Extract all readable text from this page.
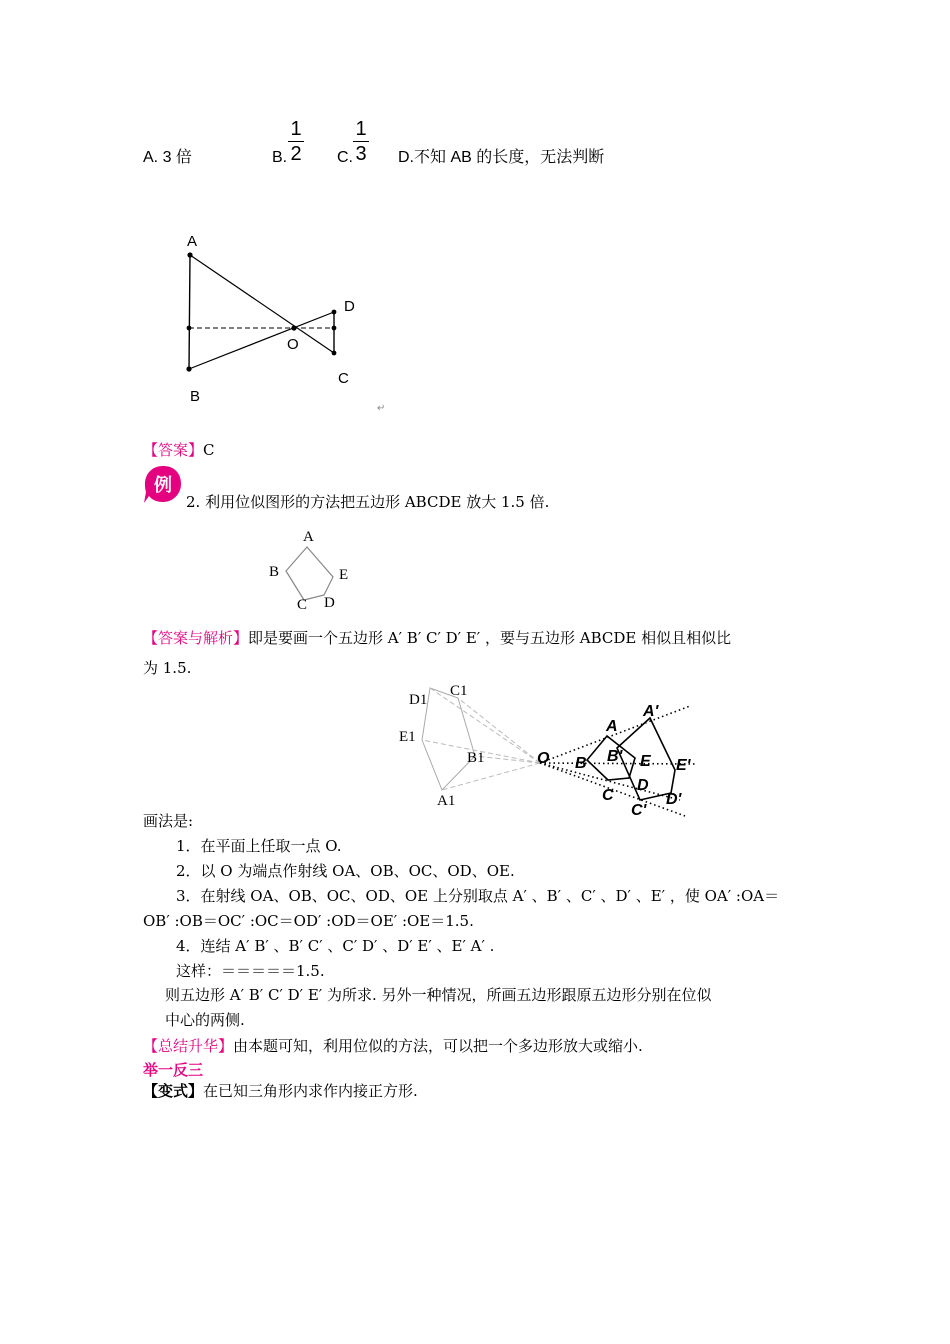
A. 3 倍	B.
1
2 C.
1
3 D.不知 AB 的长度，无法判断
A
B
C
D
O
↵
【答案】C
例
2. 利用位似图形的方法把五边形 ABCDE 放大 1.5 倍.
A
B
C D
E
【答案与解析】即是要画一个五边形 A′ B′ C′ D′ E′ ，要与五边形 ABCDE 相似且相似比
为 1.5.
D1
C1
E1
B1
A1
O
A
B
C
D
E
A'
B'
C'
D'
E'
画法是:
1．在平面上任取一点 O.
2．以 O 为端点作射线 OA、OB、OC、OD、OE.
3．在射线 OA、OB、OC、OD、OE 上分别取点 A′ 、B′ 、C′ 、D′ 、E′ ，使 OA′ :OA＝
OB′ :OB＝OC′ :OC＝OD′ :OD＝OE′ :OE＝1.5.
4．连结 A′ B′ 、B′ C′ 、C′ D′ 、D′ E′ 、E′ A′ .
这样：＝＝＝＝＝1.5.
则五边形 A′ B′ C′ D′ E′ 为所求. 另外一种情况，所画五边形跟原五边形分别在位似
中心的两侧.
【总结升华】由本题可知，利用位似的方法，可以把一个多边形放大或缩小.
举一反三
【变式】在已知三角形内求作内接正方形.
